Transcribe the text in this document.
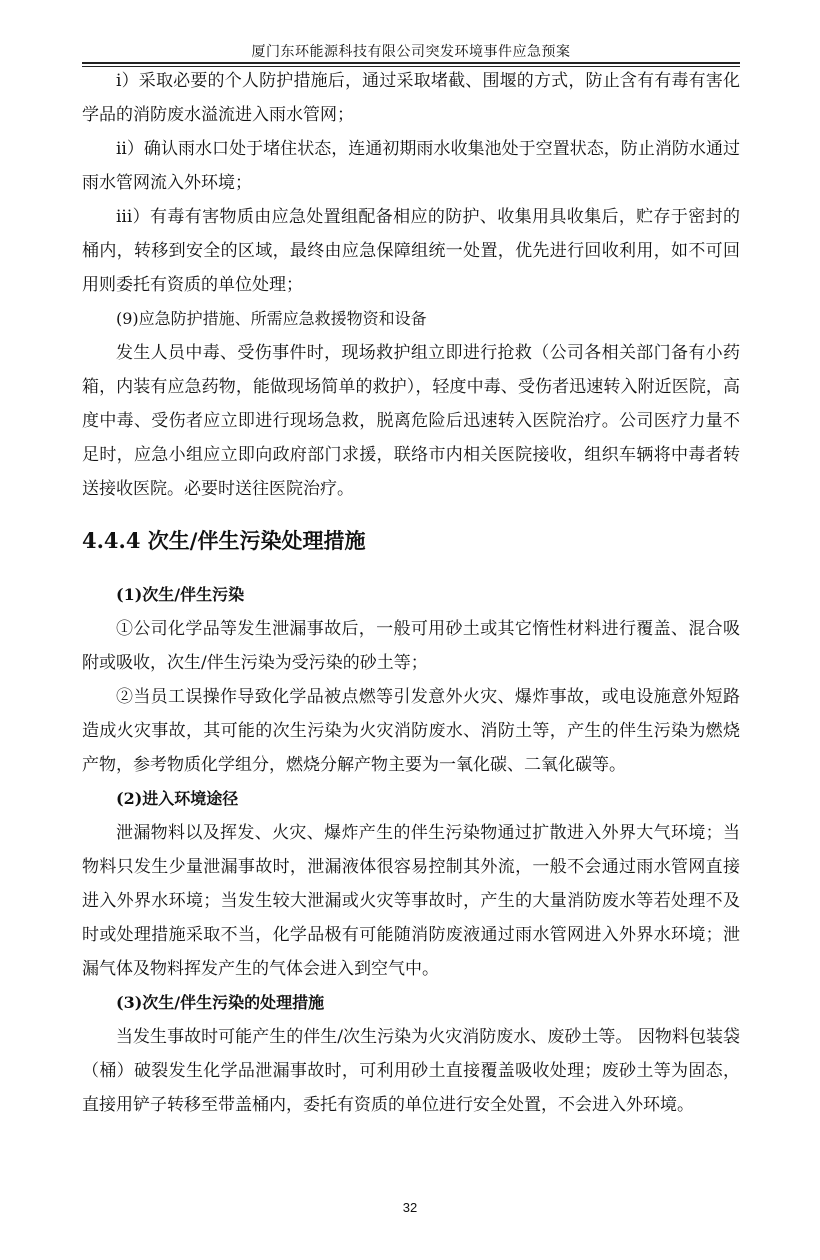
厦门东环能源科技有限公司突发环境事件应急预案

i）采取必要的个人防护措施后，通过采取堵截、围堰的方式，防止含有有毒有害化学品的消防废水溢流进入雨水管网；

ii）确认雨水口处于堵住状态，连通初期雨水收集池处于空置状态，防止消防水通过雨水管网流入外环境；

iii）有毒有害物质由应急处置组配备相应的防护、收集用具收集后，贮存于密封的桶内，转移到安全的区域，最终由应急保障组统一处置，优先进行回收利用，如不可回用则委托有资质的单位处理；

(9)应急防护措施、所需应急救援物资和设备

发生人员中毒、受伤事件时，现场救护组立即进行抢救（公司各相关部门备有小药箱，内装有应急药物，能做现场简单的救护），轻度中毒、受伤者迅速转入附近医院，高度中毒、受伤者应立即进行现场急救，脱离危险后迅速转入医院治疗。公司医疗力量不足时，应急小组应立即向政府部门求援，联络市内相关医院接收，组织车辆将中毒者转送接收医院。必要时送往医院治疗。

4.4.4 次生/伴生污染处理措施

(1)次生/伴生污染

①公司化学品等发生泄漏事故后，一般可用砂土或其它惰性材料进行覆盖、混合吸附或吸收，次生/伴生污染为受污染的砂土等；

②当员工误操作导致化学品被点燃等引发意外火灾、爆炸事故，或电设施意外短路造成火灾事故，其可能的次生污染为火灾消防废水、消防土等，产生的伴生污染为燃烧产物，参考物质化学组分，燃烧分解产物主要为一氧化碳、二氧化碳等。

(2)进入环境途径

泄漏物料以及挥发、火灾、爆炸产生的伴生污染物通过扩散进入外界大气环境；当物料只发生少量泄漏事故时，泄漏液体很容易控制其外流，一般不会通过雨水管网直接进入外界水环境；当发生较大泄漏或火灾等事故时，产生的大量消防废水等若处理不及时或处理措施采取不当，化学品极有可能随消防废液通过雨水管网进入外界水环境；泄漏气体及物料挥发产生的气体会进入到空气中。

(3)次生/伴生污染的处理措施

当发生事故时可能产生的伴生/次生污染为火灾消防废水、废砂土等。 因物料包装袋（桶）破裂发生化学品泄漏事故时，可利用砂土直接覆盖吸收处理；废砂土等为固态，直接用铲子转移至带盖桶内，委托有资质的单位进行安全处置，不会进入外环境。

32
